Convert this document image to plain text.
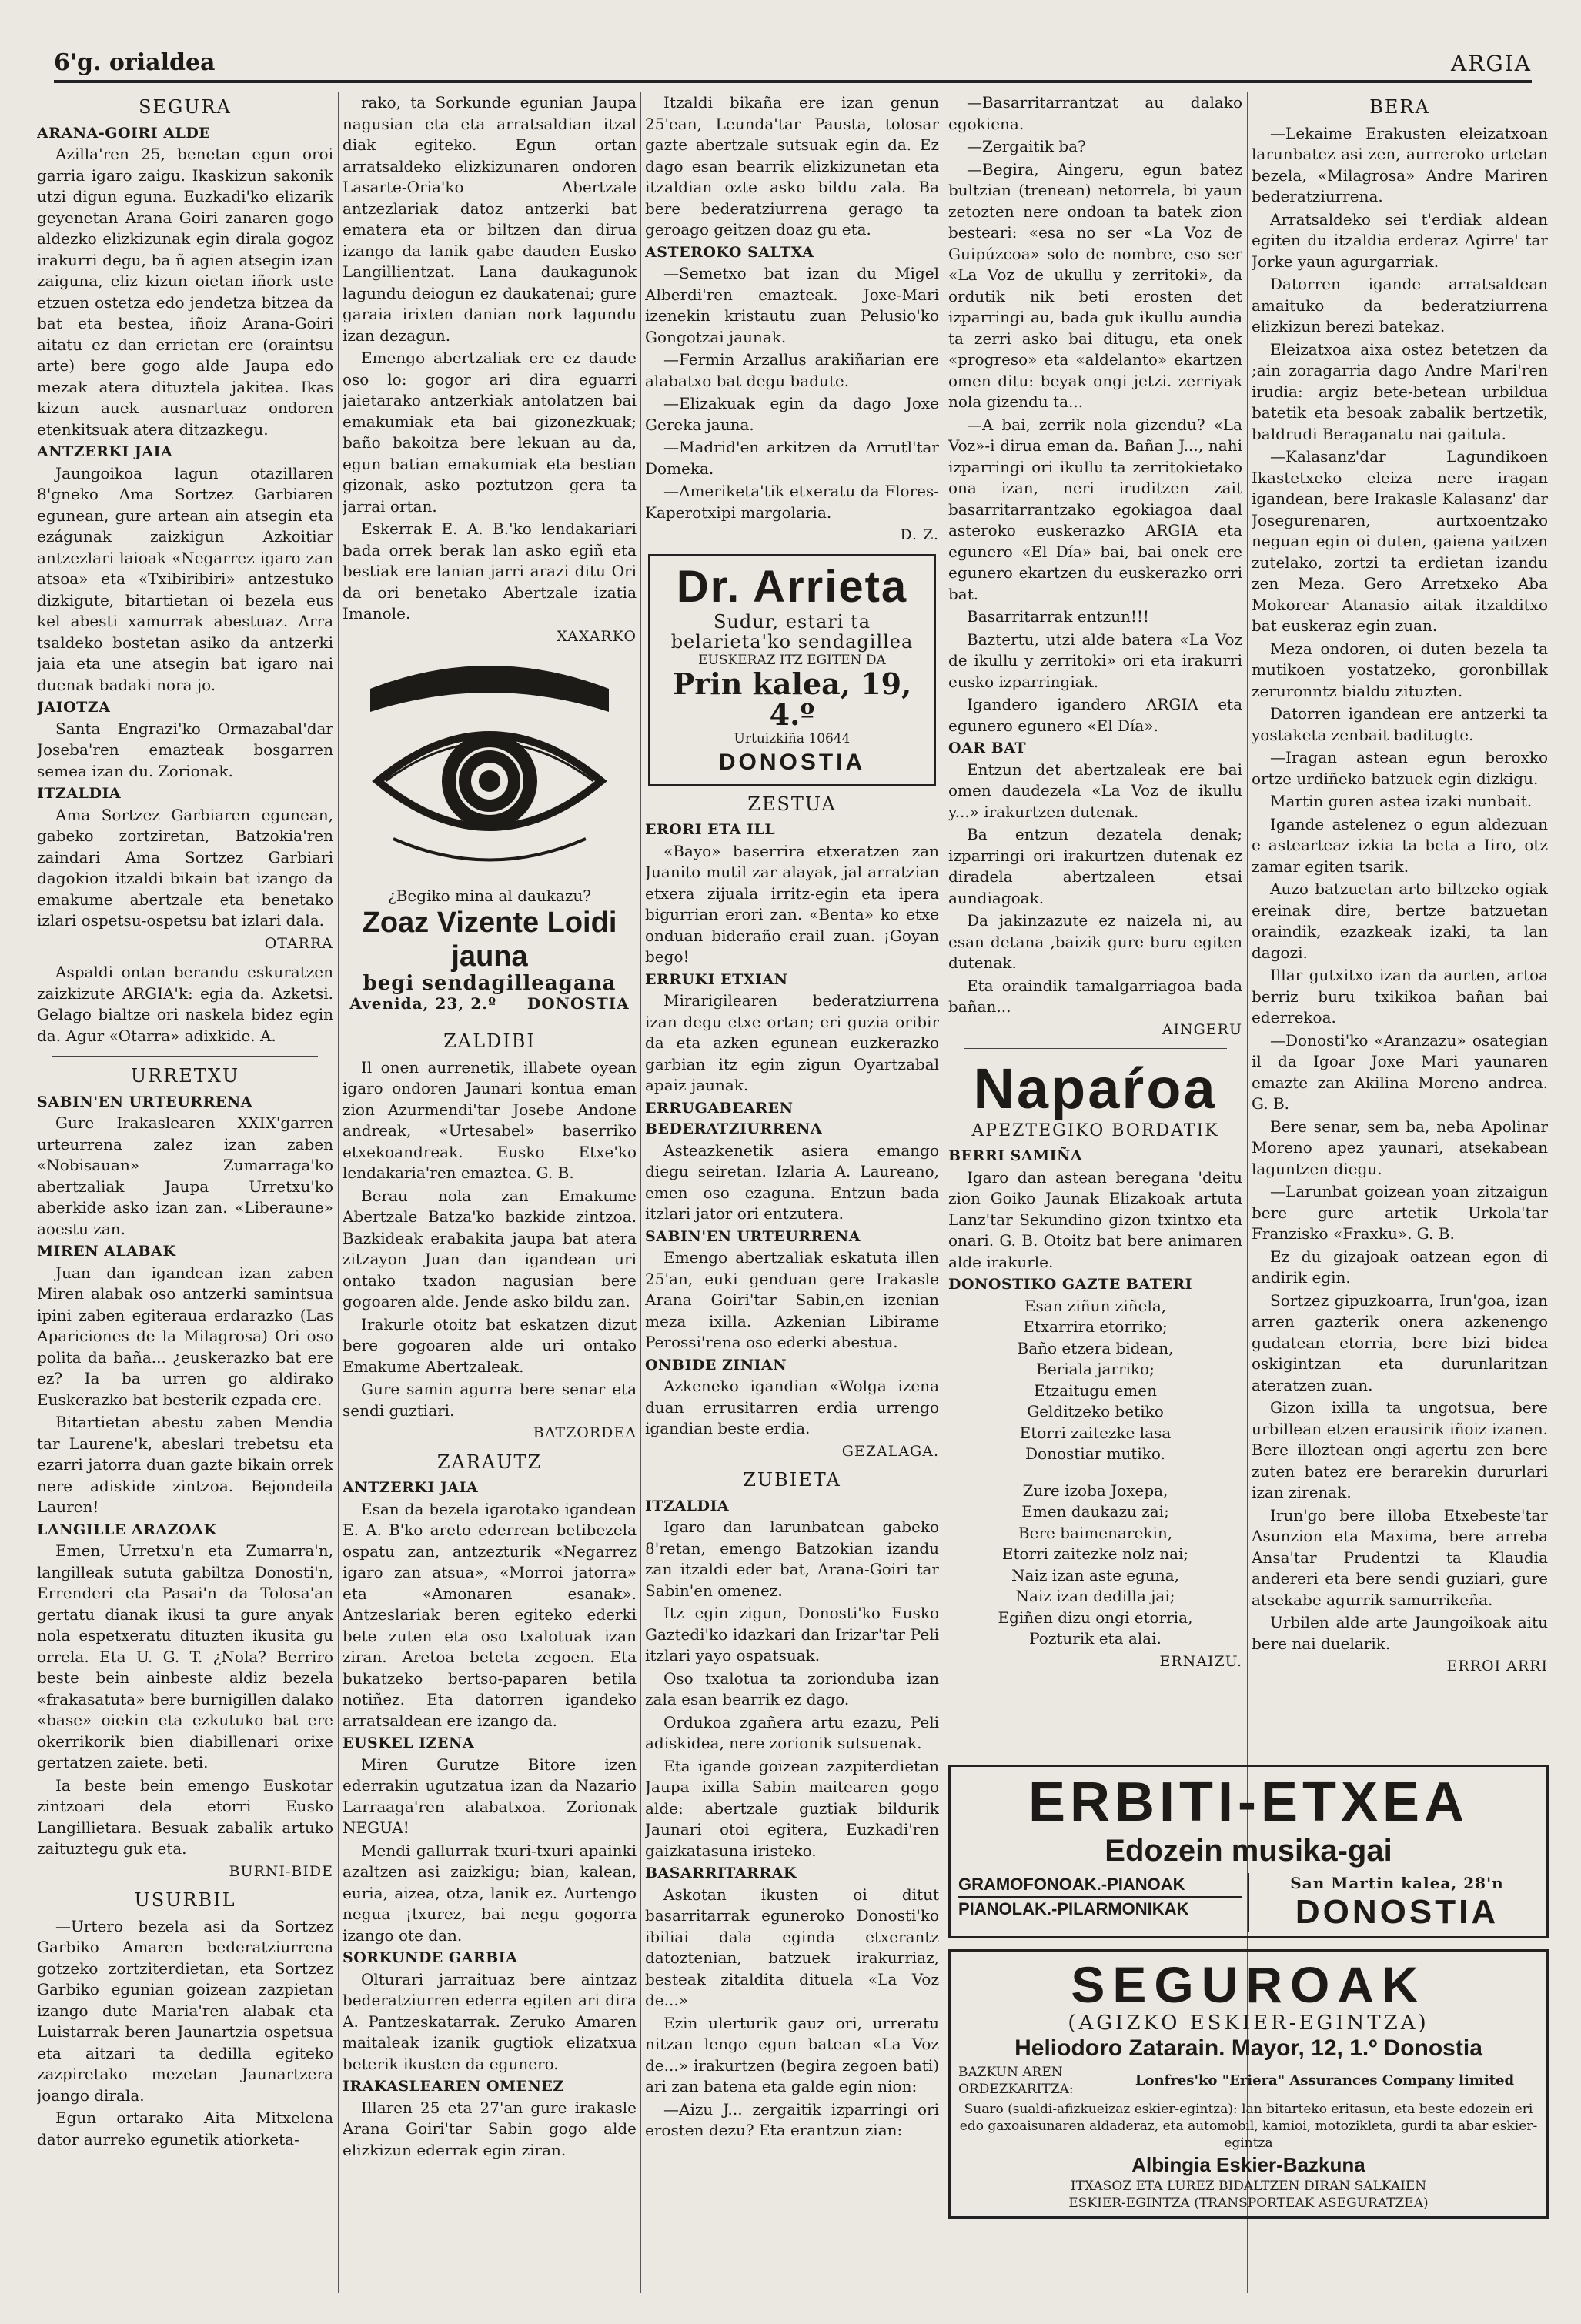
6'g. orialdea	ARGIA
SEGURA
ARANA-GOIRI ALDE

Azilla'ren 25, benetan egun oroi garria igaro zaigu. Ikaskizun sakonik utzi digun eguna. Euzkadi'ko elizarik geyenetan Arana Goiri zanaren gogo aldezko elizkizunak egin dirala gogoz irakurri degu, ba ñ agien atsegin izan zaiguna, eliz kizun oietan iñork uste etzuen ostetza edo jendetza bitzea da bat eta bestea, iñoiz Arana-Goiri aitatu ez dan errietan ere (oraintsu arte) bere gogo alde Jaupa edo mezak atera dituztela jakitea. Ikas kizun auek ausnartuaz ondoren etenkitsuak atera ditzazkegu.

ANTZERKI JAIA

Jaungoikoa lagun otazillaren 8'gneko Ama Sortzez Garbiaren egunean, gure artean ain atsegin eta ezágunak zaizkigun Azkoitiar antzezlari laioak «Negarrez igaro zan atsoa» eta «Txibiribiri» antzestuko dizkigute, bitartietan oi bezela eus kel abesti xamurrak abestuaz. Arra tsaldeko bostetan asiko da antzerki jaia eta une atsegin bat igaro nai duenak badaki nora jo.

JAIOTZA

Santa Engrazi'ko Ormazabal'dar Joseba'ren emazteak bosgarren semea izan du. Zorionak.

ITZALDIA

Ama Sortzez Garbiaren egunean, gabeko zortziretan, Batzokia'ren zaindari Ama Sortzez Garbiari dagokion itzaldi bikain bat izango da emakume abertzale eta benetako izlari ospetsu-ospetsu bat izlari dala.

OTARRA

Aspaldi ontan berandu eskuratzen zaizkizute ARGIA'k: egia da. Azketsi. Gelago bialtze ori naskela bidez egin da. Agur «Otarra» adixkide. A.

URRETXU
SABIN'EN URTEURRENA

Gure Irakaslearen XXIX'garren urteurrena zalez izan zaben «Nobisauan» Zumarraga'ko abertzaliak Jaupa Urretxu'ko aberkide asko izan zan. «Liberaune» aoestu zan.

MIREN ALABAK

Juan dan igandean izan zaben Miren alabak oso antzerki samintsua ipini zaben egiteraua erdarazko (Las Apariciones de la Milagrosa) Ori oso polita da baña... ¿euskerazko bat ere ez? Ia ba urren go aldirako Euskerazko bat besterik ezpada ere.

Bitartietan abestu zaben Mendia tar Laurene'k, abeslari trebetsu eta ezarri jatorra duan gazte bikain orrek nere adiskide zintzoa. Bejondeila Lauren!

LANGILLE ARAZOAK

Emen, Urretxu'n eta Zumarra'n, langilleak sututa gabiltza Donosti'n, Errenderi eta Pasai'n da Tolosa'an gertatu dianak ikusi ta gure anyak nola espetxeratu dituzten ikusita gu orrela. Eta U. G. T. ¿Nola? Berriro beste bein ainbeste aldiz bezela «frakasatuta» bere burnigillen dalako «base» oiekin eta ezkutuko bat ere okerrikorik bien diabillenari orixe gertatzen zaiete. beti.

Ia beste bein emengo Euskotar zintzoari dela etorri Eusko Langillietara. Besuak zabalik artuko zaituztegu guk eta.

BURNI-BIDE
USURBIL

—Urtero bezela asi da Sortzez Garbiko Amaren bederatziurrena gotzeko zortziterdietan, eta Sortzez Garbiko egunian goizean zazpietan izango dute Maria'ren alabak eta Luistarrak beren Jaunartzia ospetsua eta aitzari ta dedilla egiteko zazpiretako mezetan Jaunartzera joango dirala.

Egun ortarako Aita Mitxelena dator aurreko egunetik atiorketa-

rako, ta Sorkunde egunian Jaupa nagusian eta eta arratsaldian itzal diak egiteko. Egun ortan arratsaldeko elizkizunaren ondoren Lasarte-Oria'ko Abertzale antzezlariak datoz antzerki bat ematera eta or biltzen dan dirua izango da lanik gabe dauden Eusko Langillientzat. Lana daukagunok lagundu deiogun ez daukatenai; gure garaia irixten danian nork lagundu izan dezagun.

Emengo abertzaliak ere ez daude oso lo: gogor ari dira eguarri jaietarako antzerkiak antolatzen bai emakumiak eta bai gizonezkuak; baño bakoitza bere lekuan au da, egun batian emakumiak eta bestian gizonak, asko poztutzon gera ta jarrai ortan.

Eskerrak E. A. B.'ko lendakariari bada orrek berak lan asko egiñ eta bestiak ere lanian jarri arazi ditu Ori da ori benetako Abertzale izatia Imanole.

XAXARKO
¿Begiko mina al daukazu?
Zoaz Vizente Loidi jauna
begi sendagilleagana
Avenida, 23, 2.º DONOSTIA
ZALDIBI

Il onen aurrenetik, illabete oyean igaro ondoren Jaunari kontua eman zion Azurmendi'tar Josebe Andone andreak, «Urtesabel» baserriko etxekoandreak. Eusko Etxe'ko lendakaria'ren emaztea. G. B.

Berau nola zan Emakume Abertzale Batza'ko bazkide zintzoa. Bazkideak erabakita jaupa bat atera zitzayon Juan dan igandean uri ontako txadon nagusian bere gogoaren alde. Jende asko bildu zan.

Irakurle otoitz bat eskatzen dizut bere gogoaren alde uri ontako Emakume Abertzaleak.

Gure samin agurra bere senar eta sendi guztiari.

BATZORDEA
ZARAUTZ
ANTZERKI JAIA

Esan da bezela igarotako igandean E. A. B'ko areto ederrean betibezela ospatu zan, antzezturik «Negarrez igaro zan atsua», «Morroi jatorra» eta «Amonaren esanak». Antzeslariak beren egiteko ederki bete zuten eta oso txalotuak izan ziran. Aretoa beteta zegoen. Eta bukatzeko bertso-paparen betila notiñez. Eta datorren igandeko arratsaldean ere izango da.

EUSKEL IZENA

Miren Gurutze Bitore izen ederrakin ugutzatua izan da Nazario Larraaga'ren alabatxoa. Zorionak NEGUA!

Mendi gallurrak txuri-txuri apainki azaltzen asi zaizkigu; bian, kalean, euria, aizea, otza, lanik ez. Aurtengo negua ¡txurez, bai negu gogorra izango ote dan.

SORKUNDE GARBIA

Olturari jarraituaz bere aintzaz bederatziurren ederra egiten ari dira A. Pantzeskatarrak. Zeruko Amaren maitaleak izanik gugtiok elizatxua beterik ikusten da egunero.

IRAKASLEAREN OMENEZ

Illaren 25 eta 27'an gure irakasle Arana Goiri'tar Sabin gogo alde elizkizun ederrak egin ziran.

Itzaldi bikaña ere izan genun 25'ean, Leunda'tar Pausta, tolosar gazte abertzale sutsuak egin da. Ez dago esan bearrik elizkizunetan eta itzaldian ozte asko bildu zala. Ba bere bederatziurrena gerago ta geroago geitzen doaz gu eta.

ASTEROKO SALTXA

—Semetxo bat izan du Migel Alberdi'ren emazteak. Joxe-Mari izenekin kristautu zuan Pelusio'ko Gongotzai jaunak.

—Fermin Arzallus arakiñarian ere alabatxo bat degu badute.

—Elizakuak egin da dago Joxe Gereka jauna.

—Madrid'en arkitzen da Arrutl'tar Domeka.

—Ameriketa'tik etxeratu da Flores-Kaperotxipi margolaria.

D. Z.
Dr. Arrieta
Sudur, estari ta belarieta'ko sendagillea
EUSKERAZ ITZ EGITEN DA
Prin kalea, 19, 4.º
Urtuizkiña 10644
DONOSTIA
ZESTUA
ERORI ETA ILL

«Bayo» baserrira etxeratzen zan Juanito mutil zar alayak, jal arratzian etxera zijuala irritz-egin eta ipera bigurrian erori zan. «Benta» ko etxe onduan bideraño erail zuan. ¡Goyan bego!

ERRUKI ETXIAN

Mirarigilearen bederatziurrena izan degu etxe ortan; eri guzia oribir da eta azken egunean euzkerazko garbian itz egin zigun Oyartzabal apaiz jaunak.

ERRUGABEAREN BEDERATZIURRENA

Asteazkenetik asiera emango diegu seiretan. Izlaria A. Laureano, emen oso ezaguna. Entzun bada itzlari jator ori entzutera.

SABIN'EN URTEURRENA

Emengo abertzaliak eskatuta illen 25'an, euki genduan gere Irakasle Arana Goiri'tar Sabin,en izenian meza ixilla. Azkenian Libirame Perossi'rena oso ederki abestua.

ONBIDE ZINIAN

Azkeneko igandian «Wolga izena duan errusitarren erdia urrengo igandian beste erdia.

GEZALAGA.
ZUBIETA
ITZALDIA

Igaro dan larunbatean gabeko 8'retan, emengo Batzokian izandu zan itzaldi eder bat, Arana-Goiri tar Sabin'en omenez.

Itz egin zigun, Donosti'ko Eusko Gaztedi'ko idazkari dan Irizar'tar Peli itzlari yayo ospatsuak.

Oso txalotua ta zorionduba izan zala esan bearrik ez dago.

Ordukoa zgañera artu ezazu, Peli adiskidea, nere zorionik sutsuenak.

Eta igande goizean zazpiterdietan Jaupa ixilla Sabin maitearen gogo alde: abertzale guztiak bildurik Jaunari otoi egitera, Euzkadi'ren gaizkatasuna iristeko.

BASARRITARRAK

Askotan ikusten oi ditut basarritarrak eguneroko Donosti'ko ibiliai dala eginda etxerantz datoztenian, batzuek irakurriaz, besteak zitaldita dituela «La Voz de...»

Ezin ulerturik gauz ori, urreratu nitzan lengo egun batean «La Voz de...» irakurtzen (begira zegoen bati) ari zan batena eta galde egin nion:

—Aizu J... zergaitik izparringi ori erosten dezu? Eta erantzun zian:

—Basarritarrantzat au dalako egokiena.

—Zergaitik ba?

—Begira, Aingeru, egun batez bultzian (trenean) netorrela, bi yaun zetozten nere ondoan ta batek zion besteari: «esa no ser «La Voz de Guipúzcoa» solo de nombre, eso ser «La Voz de ukullu y zerritoki», da ordutik nik beti erosten det izparringi au, bada guk ikullu aundia ta zerri asko bai ditugu, eta onek «progreso» eta «aldelanto» ekartzen omen ditu: beyak ongi jetzi. zerriyak nola gizendu ta...

—A bai, zerrik nola gizendu? «La Voz»-i dirua eman da. Bañan J..., nahi izparringi ori ikullu ta zerritokietako ona izan, neri iruditzen zait basarritarrantzako egokiagoa daal asteroko euskerazko ARGIA eta egunero «El Día» bai, bai onek ere egunero ekartzen du euskerazko orri bat.

Basarritarrak entzun!!!

Baztertu, utzi alde batera «La Voz de ikullu y zerritoki» ori eta irakurri eusko izparringiak.

Igandero igandero ARGIA eta egunero egunero «El Día».

OAR BAT

Entzun det abertzaleak ere bai omen daudezela «La Voz de ikullu y...» irakurtzen dutenak.

Ba entzun dezatela denak; izparringi ori irakurtzen dutenak ez diradela abertzaleen etsai aundiagoak.

Da jakinzazute ez naizela ni, au esan detana ,baizik gure buru egiten dutenak.

Eta oraindik tamalgarriagoa bada bañan...

AINGERU
Napaŕoa
APEZTEGIKO BORDATIK
BERRI SAMIÑA

Igaro dan astean beregana 'deitu zion Goiko Jaunak Elizakoak artuta Lanz'tar Sekundino gizon txintxo eta onari. G. B. Otoitz bat bere animaren alde irakurle.

DONOSTIKO GAZTE BATERI
Esan ziñun ziñela,
Etxarrira etorriko;
Baño etzera bidean,
Beriala jarriko;
Etzaitugu emen
Gelditzeko betiko
Etorri zaitezke lasa
Donostiar mutiko.
Zure izoba Joxepa,
Emen daukazu zai;
Bere baimenarekin,
Etorri zaitezke nolz nai;
Naiz izan aste eguna,
Naiz izan dedilla jai;
Egiñen dizu ongi etorria,
Pozturik eta alai.
ERNAIZU.
BERA

—Lekaime Erakusten eleizatxoan larunbatez asi zen, aurreroko urtetan bezela, «Milagrosa» Andre Mariren bederatziurrena.

Arratsaldeko sei t'erdiak aldean egiten du itzaldia erderaz Agirre' tar Jorke yaun agurgarriak.

Datorren igande arratsaldean amaituko da bederatziurrena elizkizun berezi batekaz.

Eleizatxoa aixa ostez betetzen da ;ain zoragarria dago Andre Mari'ren irudia: argiz bete-betean urbildua batetik eta besoak zabalik bertzetik, baldrudi Beraganatu nai gaitula.

—Kalasanz'dar Lagundikoen Ikastetxeko eleiza nere iragan igandean, bere Irakasle Kalasanz' dar Josegurenaren, aurtxoentzako neguan egin oi duten, gaiena yaitzen zutelako, zortzi ta erdietan izandu zen Meza. Gero Arretxeko Aba Mokorear Atanasio aitak itzalditxo bat euskeraz egin zuan.

Meza ondoren, oi duten bezela ta mutikoen yostatzeko, goronbillak zeruronntz bialdu zituzten.

Datorren igandean ere antzerki ta yostaketa zenbait baditugte.

—Iragan astean egun beroxko ortze urdiñeko batzuek egin dizkigu.

Martin guren astea izaki nunbait.

Igande astelenez o egun aldezuan e astearteaz izkia ta beta a Iiro, otz zamar egiten tsarik.

Auzo batzuetan arto biltzeko ogiak ereinak dire, bertze batzuetan oraindik, ezazkeak izaki, ta lan dagozi.

Illar gutxitxo izan da aurten, artoa berriz buru txikikoa bañan bai ederrekoa.

—Donosti'ko «Aranzazu» osategian il da Igoar Joxe Mari yaunaren emazte zan Akilina Moreno andrea. G. B.

Bere senar, sem ba, neba Apolinar Moreno apez yaunari, atsekabean laguntzen diegu.

—Larunbat goizean yoan zitzaigun bere gure artetik Urkola'tar Franzisko «Fraxku». G. B.

Ez du gizajoak oatzean egon di andirik egin.

Sortzez gipuzkoarra, Irun'goa, izan arren gazterik onera azkenengo gudatean etorria, bere bizi bidea oskigintzan eta durunlaritzan ateratzen zuan.

Gizon ixilla ta ungotsua, bere urbillean etzen erausirik iñoiz izanen. Bere illoztean ongi agertu zen bere zuten batez ere berarekin dururlari izan zirenak.

Irun'go bere illoba Etxebeste'tar Asunzion eta Maxima, bere arreba Ansa'tar Prudentzi ta Klaudia andereri eta bere sendi guziari, gure atsekabe agurrik samurrikeña.

Urbilen alde arte Jaungoikoak aitu bere nai duelarik.

ERROI ARRI
ERBITI-ETXEA
Edozein musika-gai
GRAMOFONOAK.-PIANOAK
PIANOLAK.-PILARMONIKAK
San Martin kalea, 28'n
DONOSTIA
SEGUROAK
(AGIZKO ESKIER-EGINTZA)
Heliodoro Zatarain. Mayor, 12, 1.º Donostia
BAZKUN AREN ORDEZKARITZA:
Lonfres'ko "Eriera" Assurances Company limited
Suaro (sualdi-afizkueizaz eskier-egintza): lan bitarteko eritasun, eta beste edozein eri edo gaxoaisunaren aldaderaz, eta automobil, kamioi, motozikleta, gurdi ta abar eskier-egintza
Albingia Eskier-Bazkuna
ITXASOZ ETA LUREZ BIDALTZEN DIRAN SALKAIEN
ESKIER-EGINTZA (TRANSPORTEAK ASEGURATZEA)
